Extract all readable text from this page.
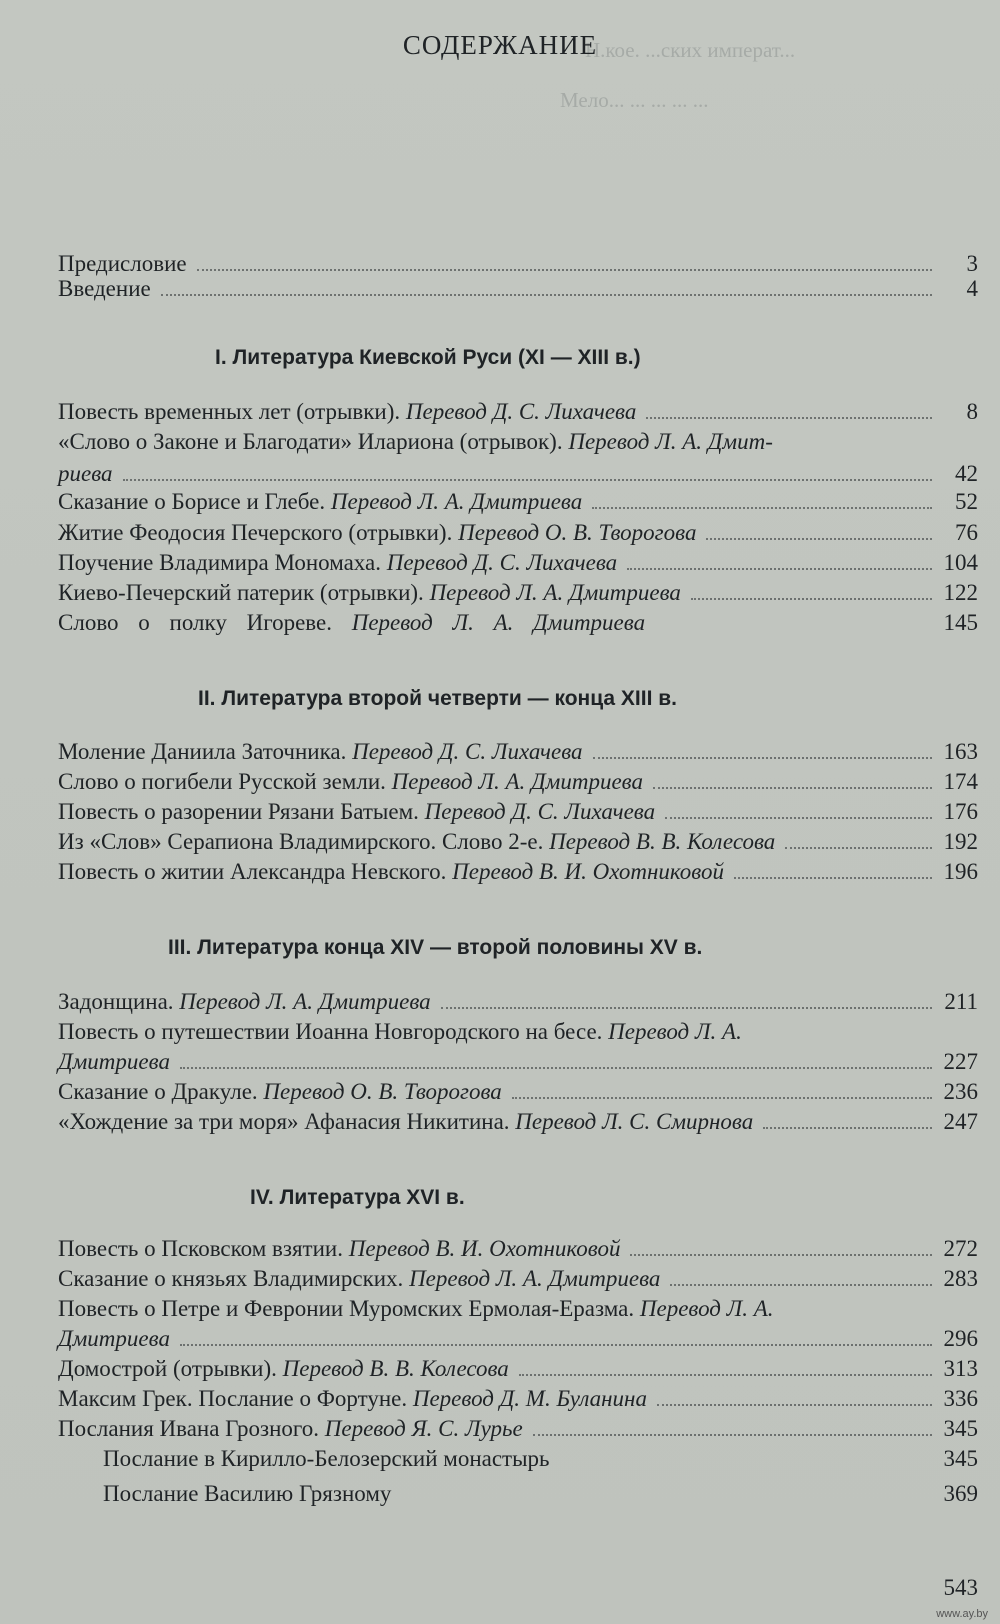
Н.кое. ...ских императ...
Мело... ... ... ... ...
СОДЕРЖАНИЕ
Предисловие	3
Введение	4
I. Литература Киевской Руси (XI — XIII в.)
Повесть временных лет (отрывки). Перевод Д. С. Лихачева	8
«Слово о Законе и Благодати» Илариона (отрывок). Перевод Л. А. Дмит-
риева	42
Сказание о Борисе и Глебе. Перевод Л. А. Дмитриева	52
Житие Феодосия Печерского (отрывки). Перевод О. В. Творогова	76
Поучение Владимира Мономаха. Перевод Д. С. Лихачева	104
Киево-Печерский патерик (отрывки). Перевод Л. А. Дмитриева	122
Слово о полку Игореве. Перевод Л. А. Дмитриева	145
II. Литература второй четверти — конца XIII в.
Моление Даниила Заточника. Перевод Д. С. Лихачева	163
Слово о погибели Русской земли. Перевод Л. А. Дмитриева	174
Повесть о разорении Рязани Батыем. Перевод Д. С. Лихачева	176
Из «Слов» Серапиона Владимирского. Слово 2-е. Перевод В. В. Колесова	192
Повесть о житии Александра Невского. Перевод В. И. Охотниковой	196
III. Литература конца XIV — второй половины XV в.
Задонщина. Перевод Л. А. Дмитриева	211
Повесть о путешествии Иоанна Новгородского на бесе. Перевод Л. А.
Дмитриева	227
Сказание о Дракуле. Перевод О. В. Творогова	236
«Хождение за три моря» Афанасия Никитина. Перевод Л. С. Смирнова	247
IV. Литература XVI в.
Повесть о Псковском взятии. Перевод В. И. Охотниковой	272
Сказание о князьях Владимирских. Перевод Л. А. Дмитриева	283
Повесть о Петре и Февронии Муромских Ермолая-Еразма. Перевод Л. А.
Дмитриева	296
Домострой (отрывки). Перевод В. В. Колесова	313
Максим Грек. Послание о Фортуне. Перевод Д. М. Буланина	336
Послания Ивана Грозного. Перевод Я. С. Лурье	345
Послание в Кирилло-Белозерский монастырь	345
Послание Василию Грязному	369
543
www.ay.by
